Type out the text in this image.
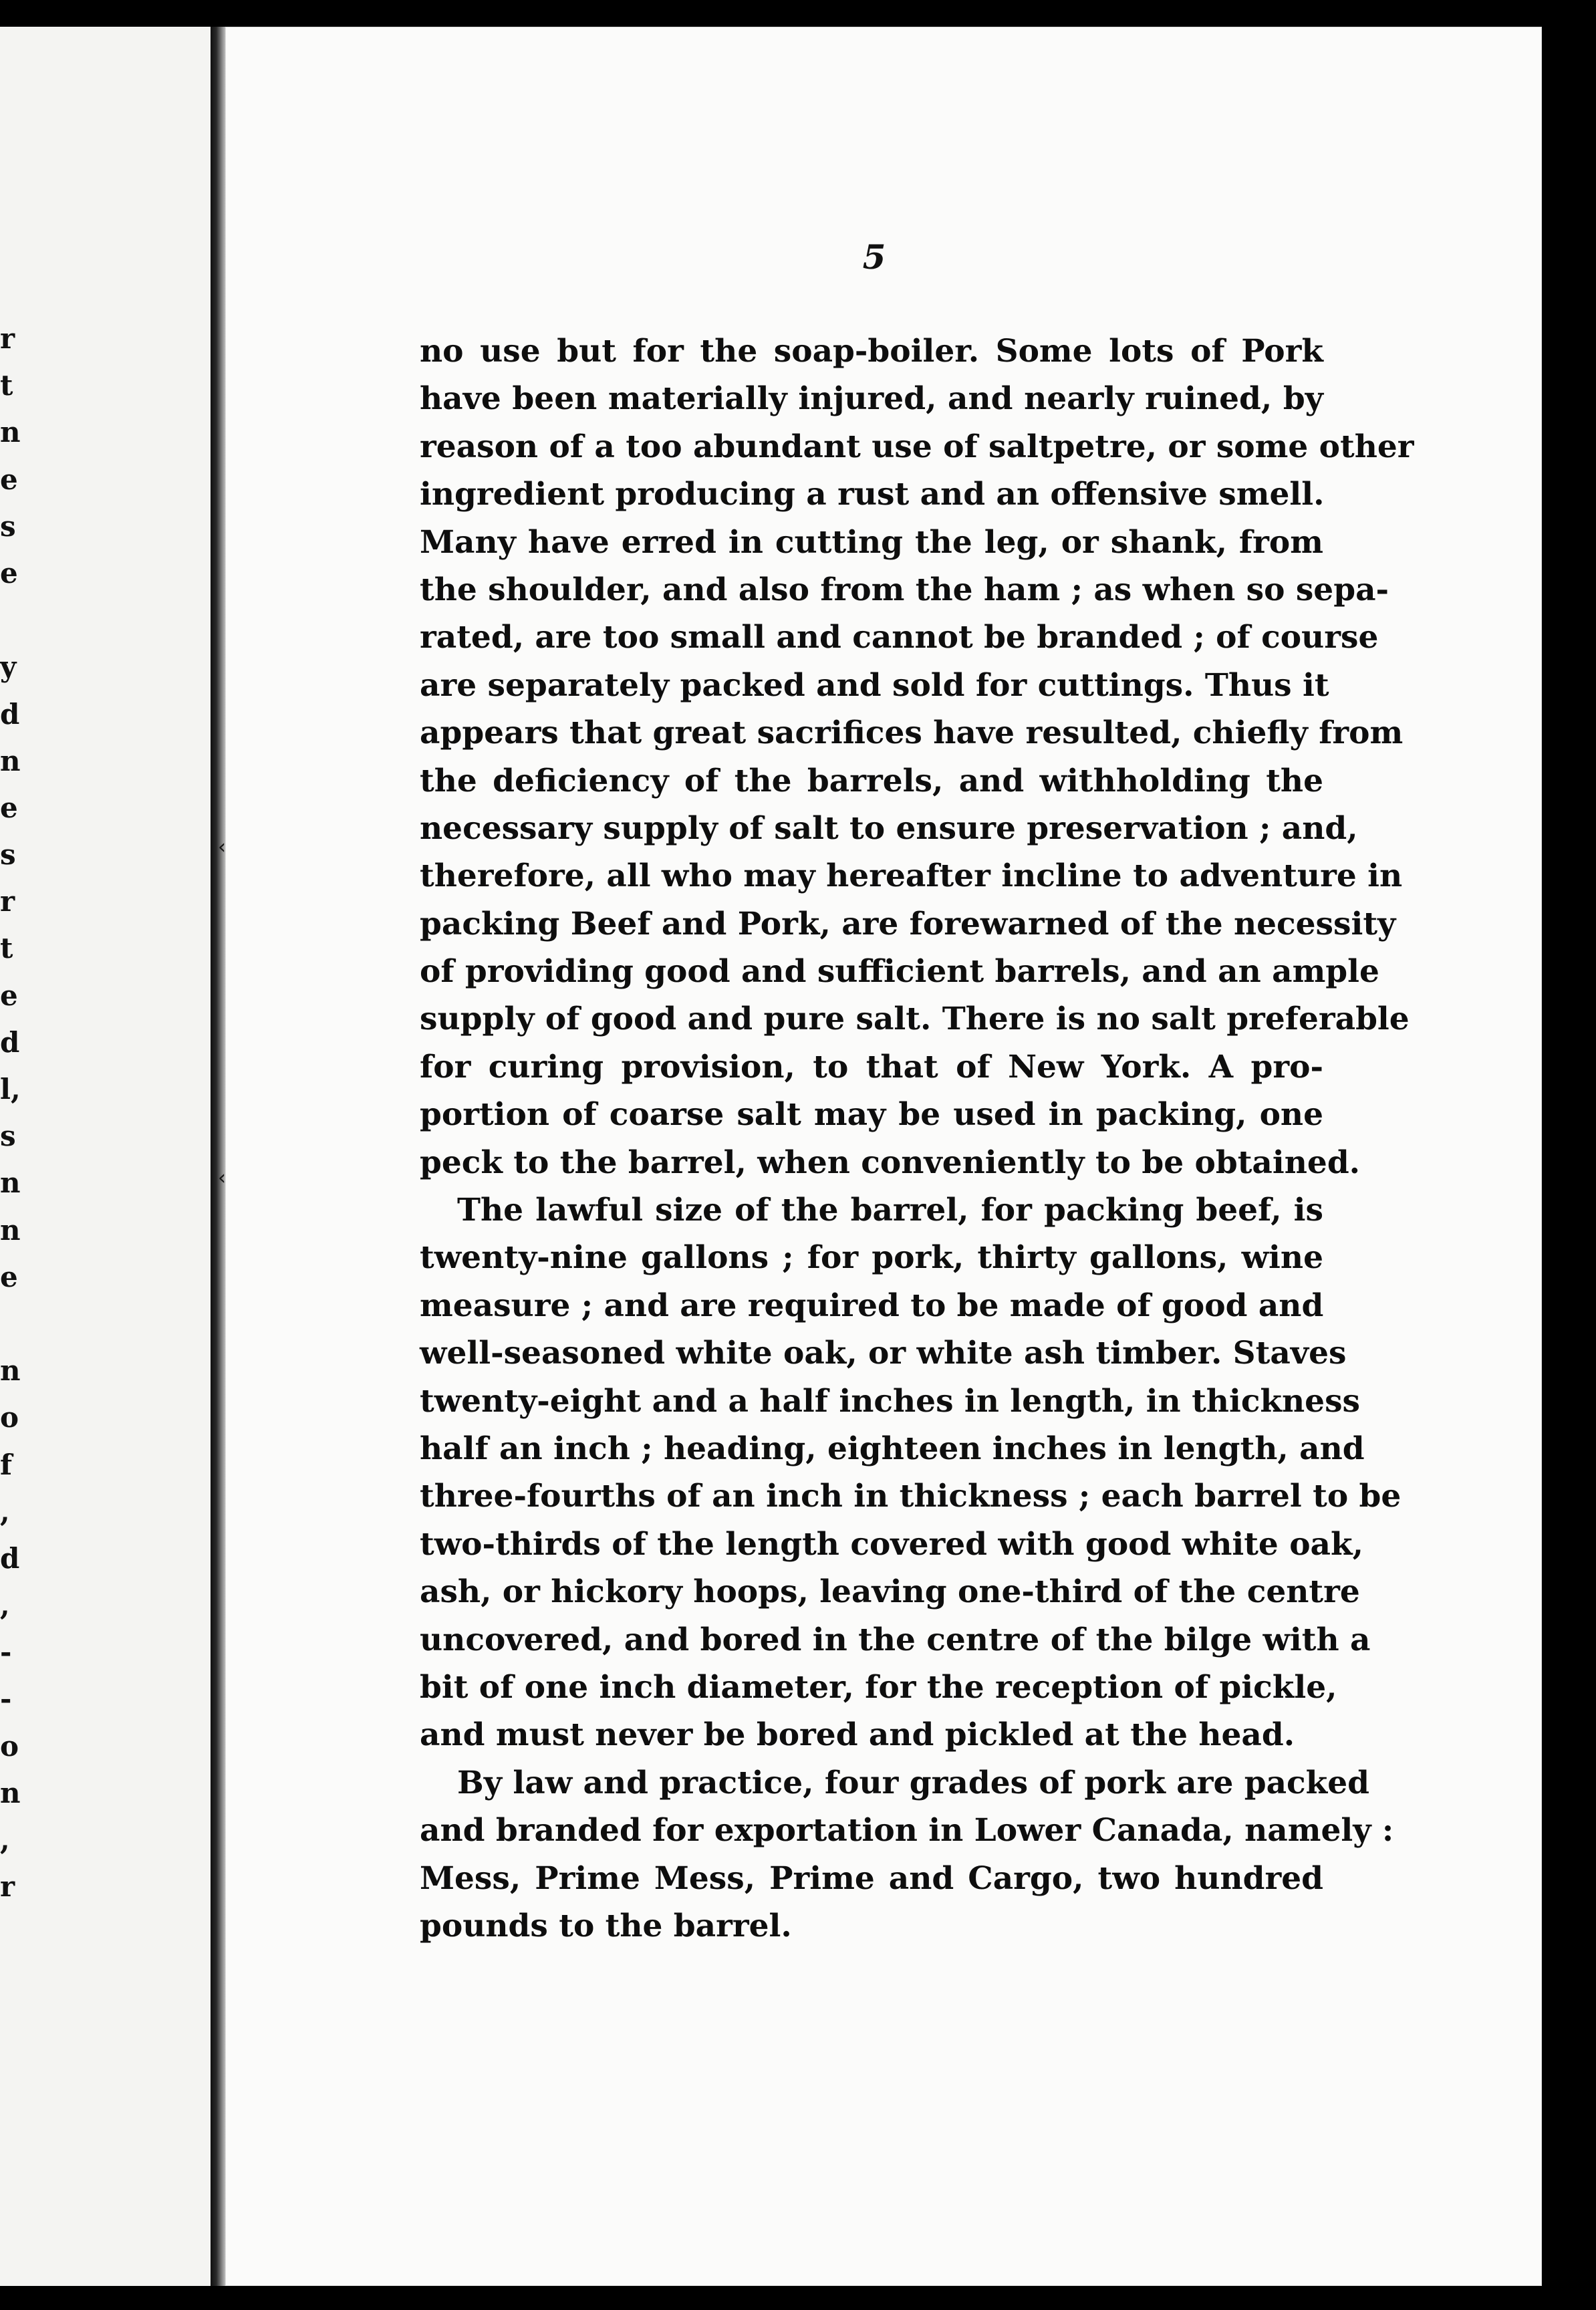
r
t
n
e
s
e
y
d
n
e
s
r
t
e
d
l,
s
n
n
e
n
o
f
,
d
,
-
-
o
n
,
r
5
no use but for the soap-boiler. Some lots of Pork
have been materially injured, and nearly ruined, by
reason of a too abundant use of saltpetre, or some other
ingredient producing a rust and an offensive smell.
Many have erred in cutting the leg, or shank, from
the shoulder, and also from the ham ; as when so sepa-
rated, are too small and cannot be branded ; of course
are separately packed and sold for cuttings. Thus it
appears that great sacrifices have resulted, chiefly from
the deficiency of the barrels, and withholding the
necessary supply of salt to ensure preservation ; and,
therefore, all who may hereafter incline to adventure in
packing Beef and Pork, are forewarned of the necessity
of providing good and sufficient barrels, and an ample
supply of good and pure salt. There is no salt preferable
for curing provision, to that of New York. A pro-
portion of coarse salt may be used in packing, one
peck to the barrel, when conveniently to be obtained.
The lawful size of the barrel, for packing beef, is
twenty-nine gallons ; for pork, thirty gallons, wine
measure ; and are required to be made of good and
well-seasoned white oak, or white ash timber. Staves
twenty-eight and a half inches in length, in thickness
half an inch ; heading, eighteen inches in length, and
three-fourths of an inch in thickness ; each barrel to be
two-thirds of the length covered with good white oak,
ash, or hickory hoops, leaving one-third of the centre
uncovered, and bored in the centre of the bilge with a
bit of one inch diameter, for the reception of pickle,
and must never be bored and pickled at the head.
By law and practice, four grades of pork are packed
and branded for exportation in Lower Canada, namely :
Mess, Prime Mess, Prime and Cargo, two hundred
pounds to the barrel.
‹
‹
